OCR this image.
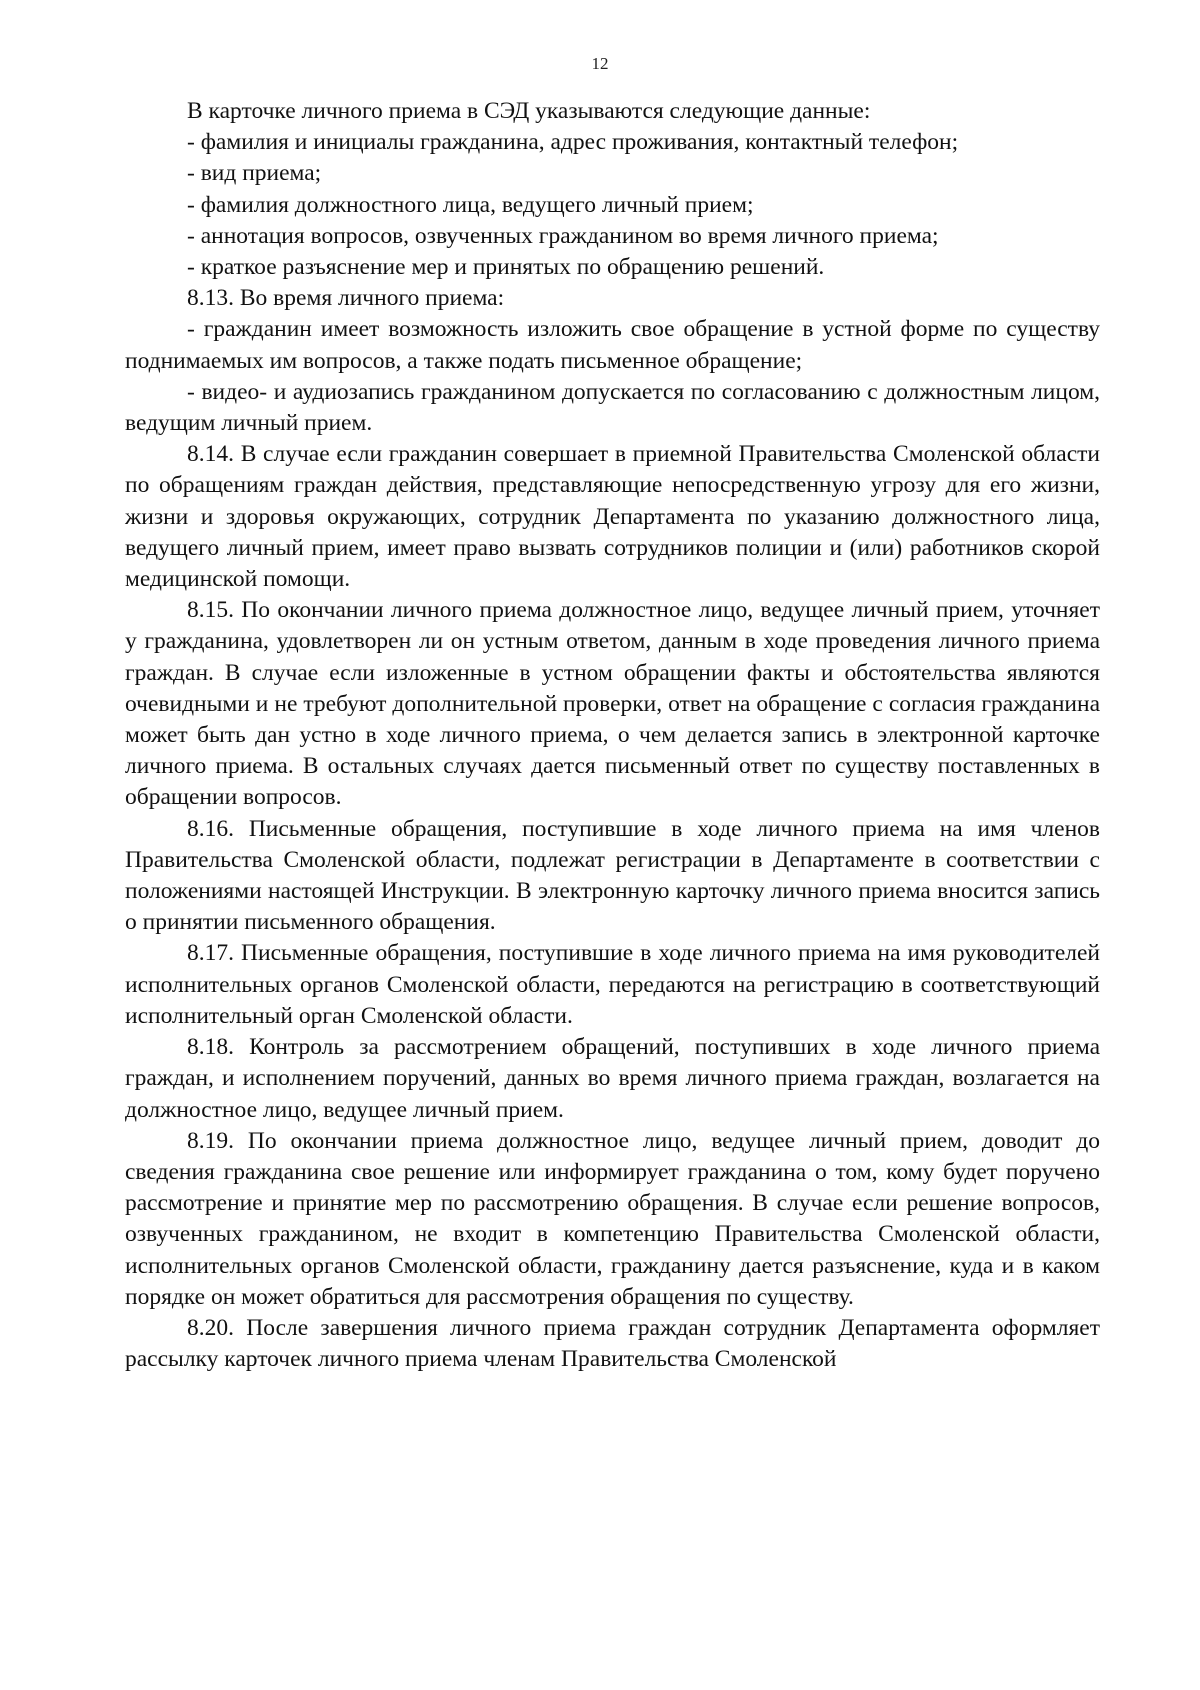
12

В карточке личного приема в СЭД указываются следующие данные:

- фамилия и инициалы гражданина, адрес проживания, контактный телефон;

- вид приема;

- фамилия должностного лица, ведущего личный прием;

- аннотация вопросов, озвученных гражданином во время личного приема;

- краткое разъяснение мер и принятых по обращению решений.

8.13. Во время личного приема:

- гражданин имеет возможность изложить свое обращение в устной форме по существу поднимаемых им вопросов, а также подать письменное обращение;

- видео- и аудиозапись гражданином допускается по согласованию с должностным лицом, ведущим личный прием.

8.14. В случае если гражданин совершает в приемной Правительства Смоленской области по обращениям граждан действия, представляющие непосредственную угрозу для его жизни, жизни и здоровья окружающих, сотрудник Департамента по указанию должностного лица, ведущего личный прием, имеет право вызвать сотрудников полиции и (или) работников скорой медицинской помощи.

8.15. По окончании личного приема должностное лицо, ведущее личный прием, уточняет у гражданина, удовлетворен ли он устным ответом, данным в ходе проведения личного приема граждан. В случае если изложенные в устном обращении факты и обстоятельства являются очевидными и не требуют дополнительной проверки, ответ на обращение с согласия гражданина может быть дан устно в ходе личного приема, о чем делается запись в электронной карточке личного приема. В остальных случаях дается письменный ответ по существу поставленных в обращении вопросов.

8.16. Письменные обращения, поступившие в ходе личного приема на имя членов Правительства Смоленской области, подлежат регистрации в Департаменте в соответствии с положениями настоящей Инструкции. В электронную карточку личного приема вносится запись о принятии письменного обращения.

8.17. Письменные обращения, поступившие в ходе личного приема на имя руководителей исполнительных органов Смоленской области, передаются на регистрацию в соответствующий исполнительный орган Смоленской области.

8.18. Контроль за рассмотрением обращений, поступивших в ходе личного приема граждан, и исполнением поручений, данных во время личного приема граждан, возлагается на должностное лицо, ведущее личный прием.

8.19. По окончании приема должностное лицо, ведущее личный прием, доводит до сведения гражданина свое решение или информирует гражданина о том, кому будет поручено рассмотрение и принятие мер по рассмотрению обращения. В случае если решение вопросов, озвученных гражданином, не входит в компетенцию Правительства Смоленской области, исполнительных органов Смоленской области, гражданину дается разъяснение, куда и в каком порядке он может обратиться для рассмотрения обращения по существу.

8.20. После завершения личного приема граждан сотрудник Департамента оформляет рассылку карточек личного приема членам Правительства Смоленской
